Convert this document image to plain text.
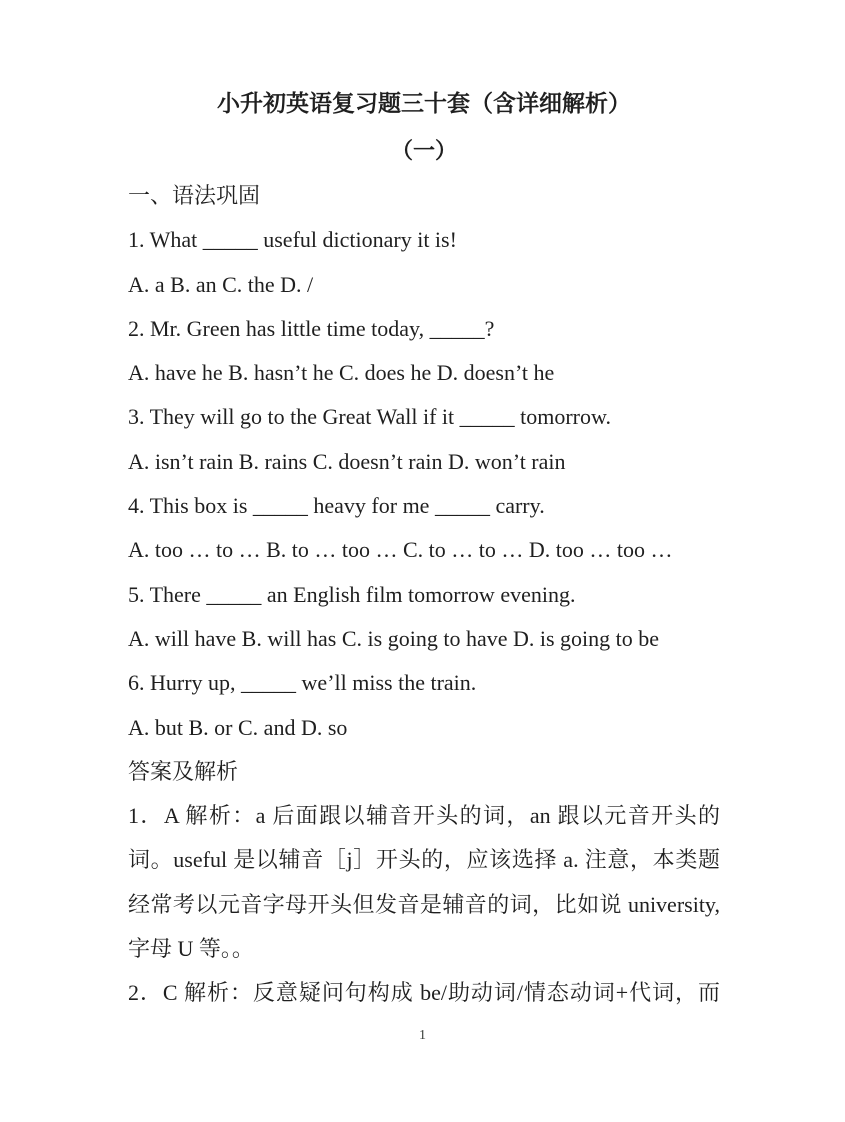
小升初英语复习题三十套（含详细解析）
（一）
一、语法巩固
1. What _____ useful dictionary it is!
A. a B. an C. the D. /
2. Mr. Green has little time today, _____?
A. have he B. hasn’t he C. does he D. doesn’t he
3. They will go to the Great Wall if it _____ tomorrow.
A. isn’t rain B. rains C. doesn’t rain D. won’t rain
4. This box is _____ heavy for me _____ carry.
A. too … to … B. to … too … C. to … to … D. too … too …
5. There _____ an English film tomorrow evening.
A. will have B. will has C. is going to have D. is going to be
6. Hurry up, _____ we’ll miss the train.
A. but B. or C. and D. so
答案及解析
1．A 解析：a 后面跟以辅音开头的词，an 跟以元音开头的
词。useful 是以辅音［j］开头的，应该选择 a. 注意，本类题
经常考以元音字母开头但发音是辅音的词，比如说 university,
字母 U 等。。
2．C 解析：反意疑问句构成 be/助动词/情态动词+代词，而
1
